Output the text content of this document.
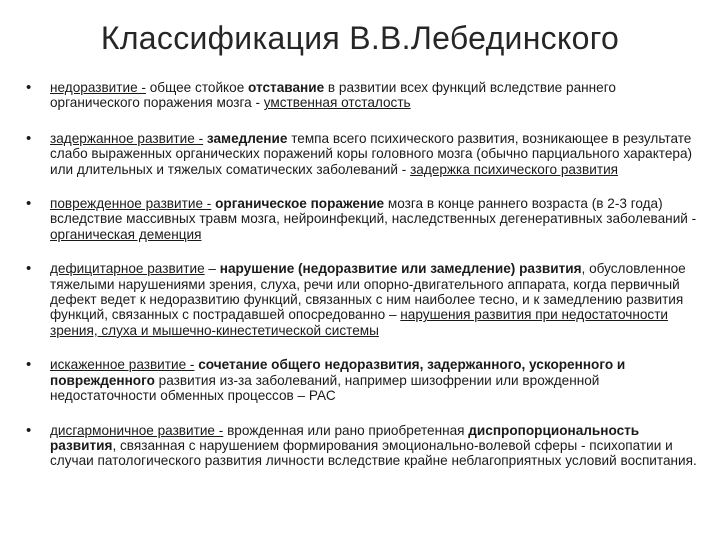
Классификация В.В.Лебединского
• недоразвитие - общее стойкое отставание в развитии всех функций вследствие раннего органического поражения мозга - умственная отсталость
• задержанное развитие - замедление темпа всего психического развития, возникающее в результате слабо выраженных органических поражений коры головного мозга (обычно парциального характера) или длительных и тяжелых соматических заболеваний - задержка психического развития
• поврежденное развитие - органическое поражение мозга в конце раннего возраста (в 2-3 года) вследствие массивных травм мозга, нейроинфекций, наследственных дегенеративных заболеваний - органическая деменция
• дефицитарное развитие – нарушение (недоразвитие или замедление) развития, обусловленное тяжелыми нарушениями зрения, слуха, речи или опорно-двигательного аппарата, когда первичный дефект ведет к недоразвитию функций, связанных с ним наиболее тесно, и к замедлению развития функций, связанных с пострадавшей опосредованно – нарушения развития при недостаточности зрения, слуха и мышечно-кинестетической системы
• искаженное развитие - сочетание общего недоразвития, задержанного, ускоренного и поврежденного развития из-за заболеваний, например шизофрении или врожденной недостаточности обменных процессов – РАС
• дисгармоничное развитие - врожденная или рано приобретенная диспропорциональность развития, связанная с нарушением формирования эмоционально-волевой сферы - психопатии и случаи патологического развития личности вследствие крайне неблагоприятных условий воспитания.
